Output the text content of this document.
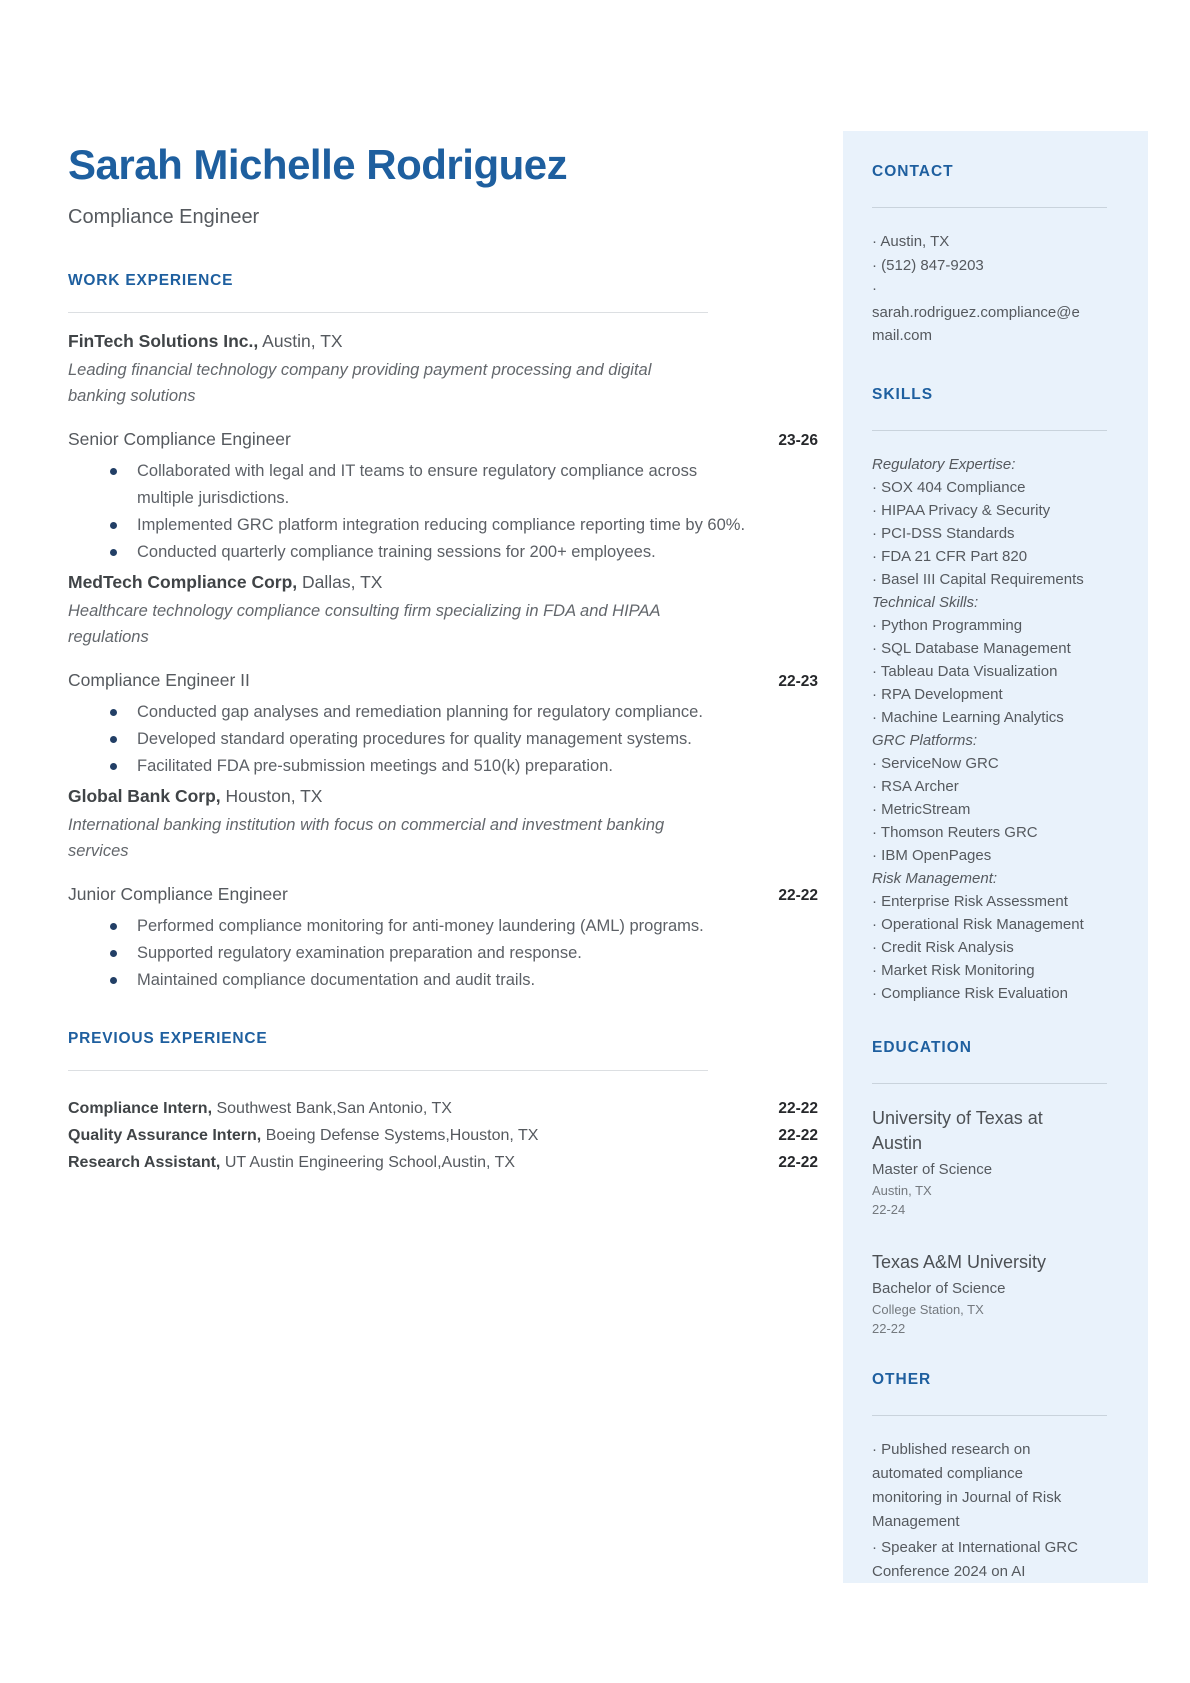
Sarah Michelle Rodriguez
Compliance Engineer
WORK EXPERIENCE
FinTech Solutions Inc., Austin, TX
Leading financial technology company providing payment processing and digital banking solutions
Senior Compliance Engineer	23-26
Collaborated with legal and IT teams to ensure regulatory compliance across multiple jurisdictions.
Implemented GRC platform integration reducing compliance reporting time by 60%.
Conducted quarterly compliance training sessions for 200+ employees.
MedTech Compliance Corp, Dallas, TX
Healthcare technology compliance consulting firm specializing in FDA and HIPAA regulations
Compliance Engineer II	22-23
Conducted gap analyses and remediation planning for regulatory compliance.
Developed standard operating procedures for quality management systems.
Facilitated FDA pre-submission meetings and 510(k) preparation.
Global Bank Corp, Houston, TX
International banking institution with focus on commercial and investment banking services
Junior Compliance Engineer	22-22
Performed compliance monitoring for anti-money laundering (AML) programs.
Supported regulatory examination preparation and response.
Maintained compliance documentation and audit trails.
PREVIOUS EXPERIENCE
Compliance Intern, Southwest Bank,San Antonio, TX	22-22
Quality Assurance Intern, Boeing Defense Systems,Houston, TX	22-22
Research Assistant, UT Austin Engineering School,Austin, TX	22-22
CONTACT
· Austin, TX
· (512) 847-9203
· sarah.rodriguez.compliance@email.com
SKILLS
Regulatory Expertise:
· SOX 404 Compliance
· HIPAA Privacy & Security
· PCI-DSS Standards
· FDA 21 CFR Part 820
· Basel III Capital Requirements
Technical Skills:
· Python Programming
· SQL Database Management
· Tableau Data Visualization
· RPA Development
· Machine Learning Analytics
GRC Platforms:
· ServiceNow GRC
· RSA Archer
· MetricStream
· Thomson Reuters GRC
· IBM OpenPages
Risk Management:
· Enterprise Risk Assessment
· Operational Risk Management
· Credit Risk Analysis
· Market Risk Monitoring
· Compliance Risk Evaluation
EDUCATION
University of Texas at Austin
Master of Science
Austin, TX
22-24
Texas A&M University
Bachelor of Science
College Station, TX
22-22
OTHER
· Published research on automated compliance monitoring in Journal of Risk Management
· Speaker at International GRC Conference 2024 on AI
